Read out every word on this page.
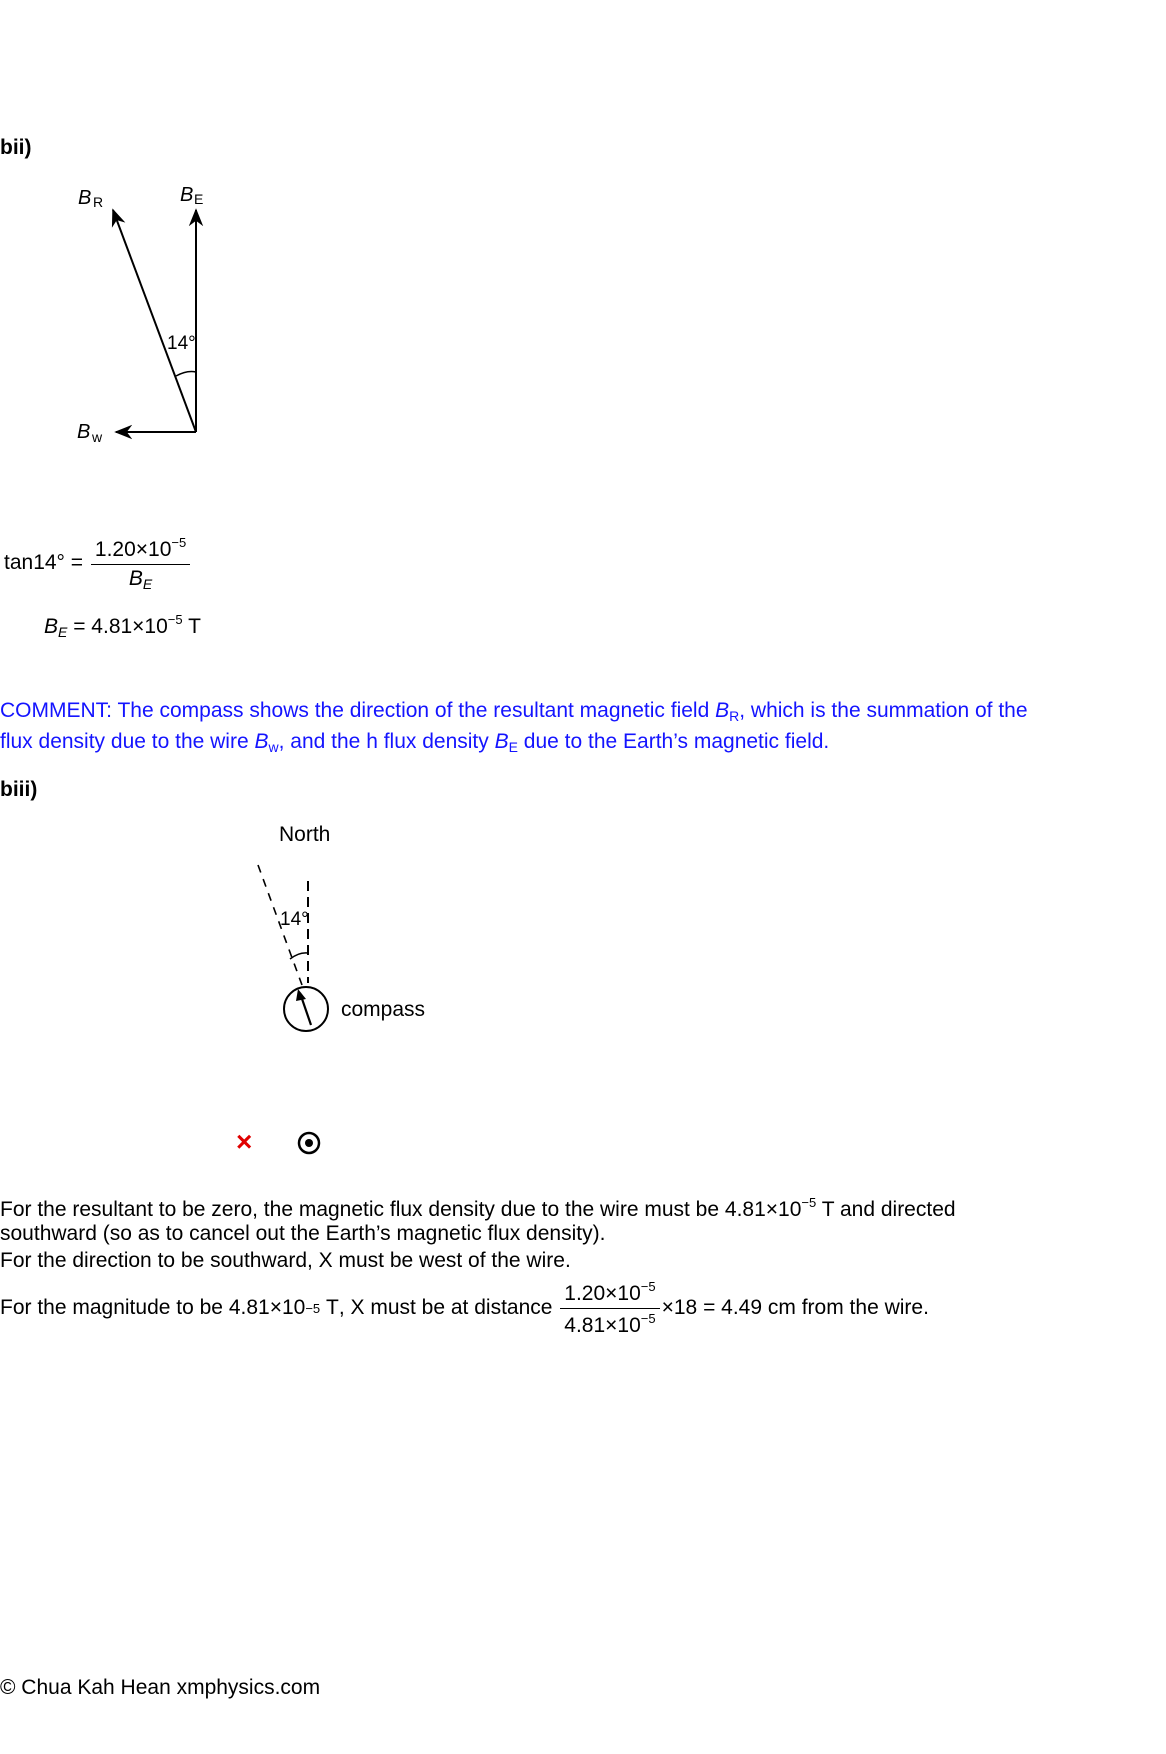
bii)
B R	B E
14°
B w
$\tan 14^\circ = \frac{1.20\times 10^{-5}}{B_E}$
$B_E = 4.81\times 10^{-5}$ T
COMMENT: The compass shows the direction of the resultant magnetic field $B_R$, which is the summation of the
flux density due to the wire $B_w$, and the h flux density $B_E$ due to the Earth’s magnetic field.
biii)
North
14°
compass
×
For the resultant to be zero, the magnetic flux density due to the wire must be $4.81\times 10^{-5}$ T and directed
southward (so as to cancel out the Earth’s magnetic flux density).
For the direction to be southward, X must be west of the wire.
For the magnitude to be
4.81×10 −5
T , X must be at distance
$\frac{1.20\times 10^{-5}}{4.81\times 10^{-5}} \times 18 = 4.49$ cm
from the wire.
© Chua Kah Hean xmphysics.com
